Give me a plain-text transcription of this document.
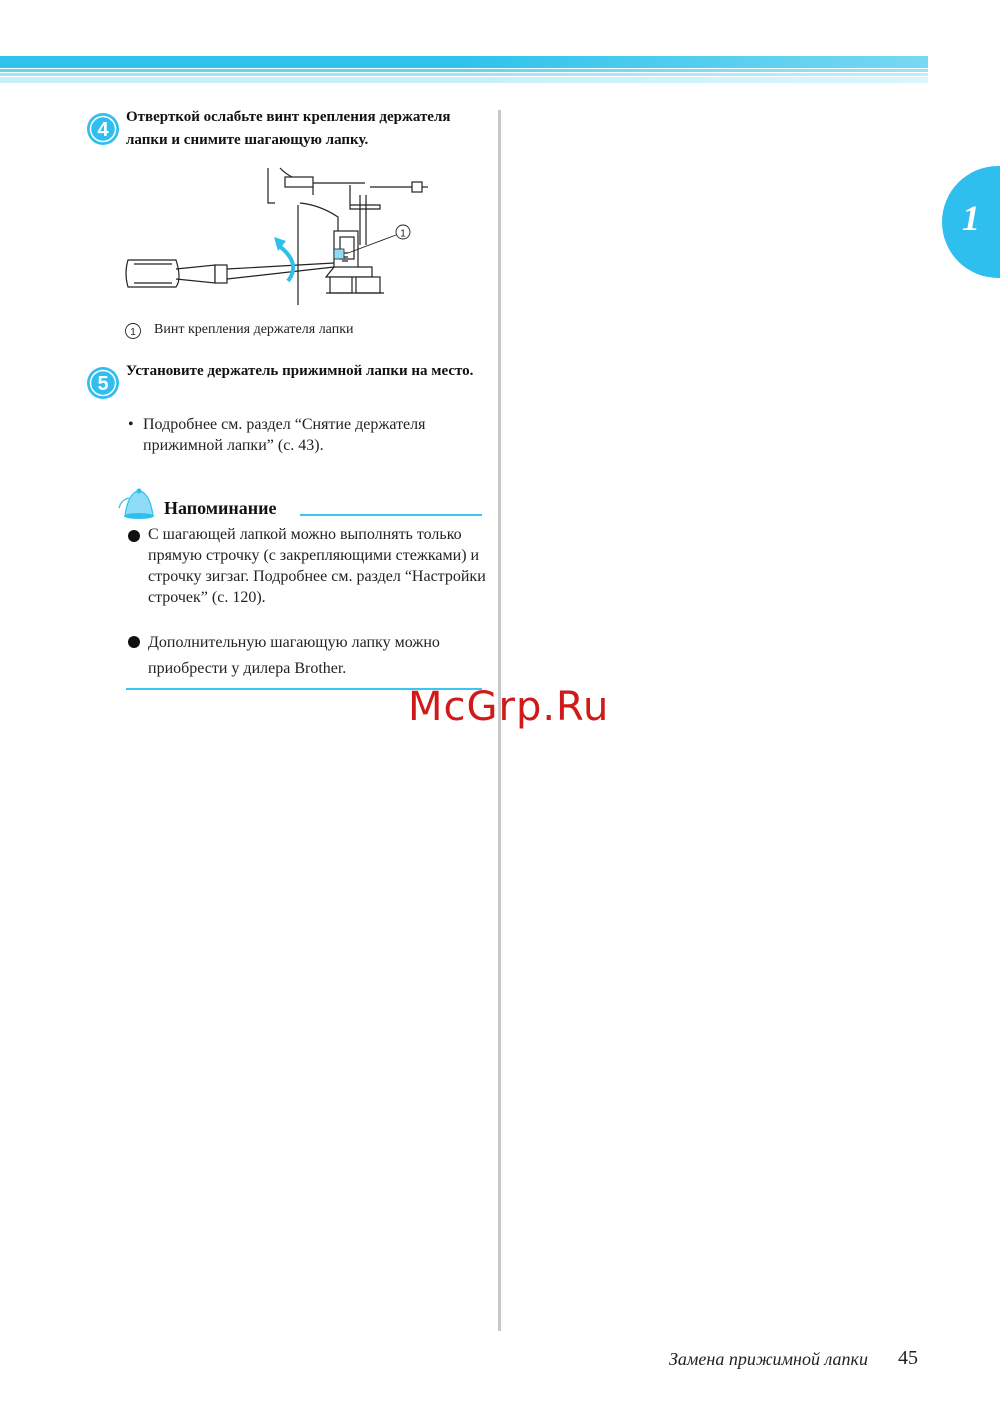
1
4
Отверткой ослабьте винт крепления держателя лапки и снимите шагающую лапку.
1
1 Винт крепления держателя лапки
5
Установите держатель прижимной лапки на место.
• Подробнее см. раздел “Снятие держателя прижимной лапки” (с. 43).
Напоминание
С шагающей лапкой можно выполнять только прямую строчку (с закрепляющими стежками) и строчку зигзаг. Подробнее см. раздел “Настройки строчек” (с. 120).
Дополнительную шагающую лапку можно приобрести у дилера Brother.
McGrp.Ru
Замена прижимной лапки 45
